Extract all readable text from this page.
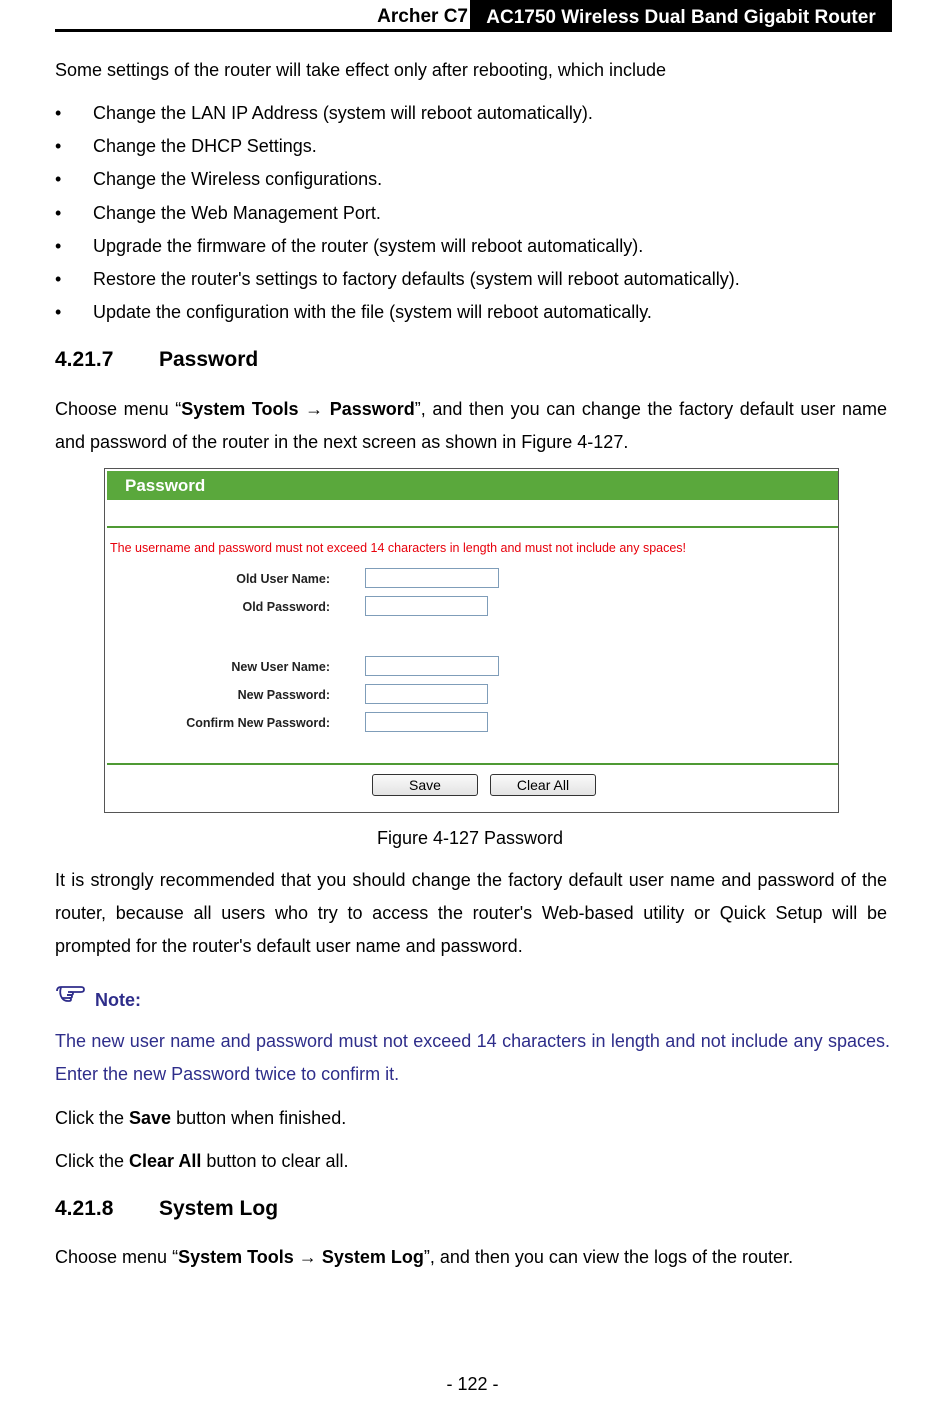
Archer C7 AC1750 Wireless Dual Band Gigabit Router
Some settings of the router will take effect only after rebooting, which include
• Change the LAN IP Address (system will reboot automatically).
• Change the DHCP Settings.
• Change the Wireless configurations.
• Change the Web Management Port.
• Upgrade the firmware of the router (system will reboot automatically).
• Restore the router's settings to factory defaults (system will reboot automatically).
• Update the configuration with the file (system will reboot automatically.
4.21.7 Password
Choose menu “System Tools → Password”, and then you can change the factory default user name and password of the router in the next screen as shown in Figure 4-127.
Password
The username and password must not exceed 14 characters in length and must not include any spaces!
Old User Name:
Old Password:
New User Name:
New Password:
Confirm New Password:
Save	Clear All
Figure 4-127 Password
It is strongly recommended that you should change the factory default user name and password of the router, because all users who try to access the router's Web-based utility or Quick Setup will be prompted for the router's default user name and password.
Note:
The new user name and password must not exceed 14 characters in length and not include any spaces. Enter the new Password twice to confirm it.
Click the Save button when finished.
Click the Clear All button to clear all.
4.21.8 System Log
Choose menu “System Tools → System Log”, and then you can view the logs of the router.
- 122 -
